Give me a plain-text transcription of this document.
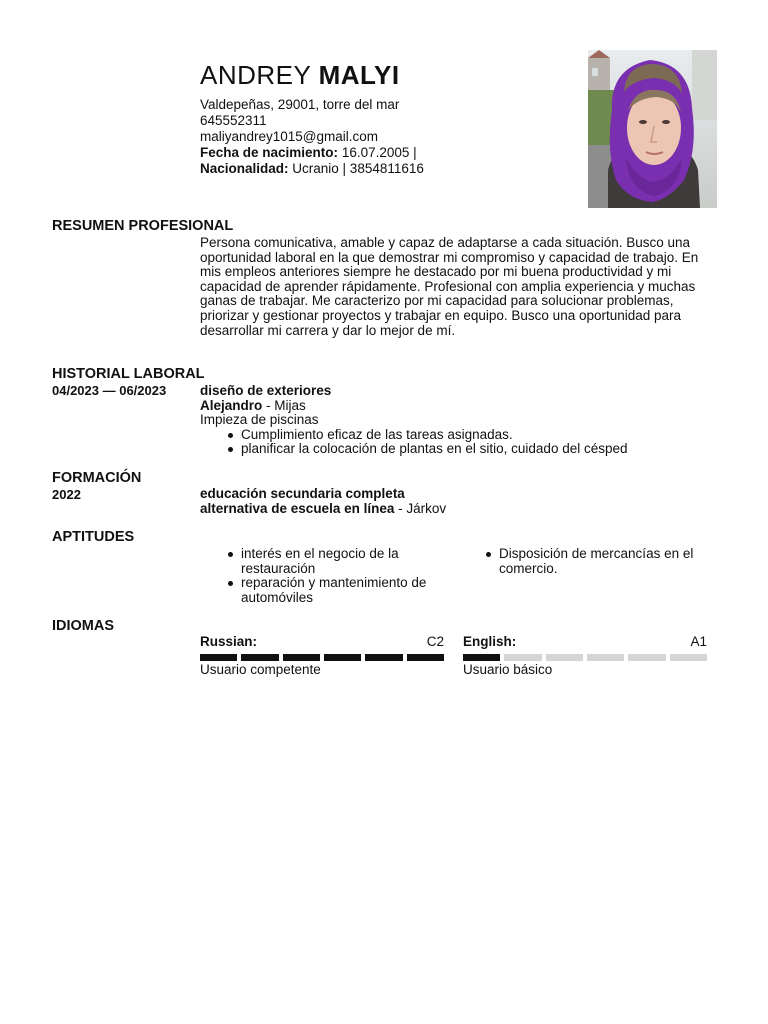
ANDREY MALYI
Valdepeñas, 29001, torre del mar
645552311
maliyandrey1015@gmail.com
Fecha de nacimiento: 16.07.2005 |
Nacionalidad: Ucranio | 3854811616
RESUMEN PROFESIONAL
Persona comunicativa, amable y capaz de adaptarse a cada situación. Busco una oportunidad laboral en la que demostrar mi compromiso y capacidad de trabajo. En mis empleos anteriores siempre he destacado por mi buena productividad y mi capacidad de aprender rápidamente. Profesional con amplia experiencia y muchas ganas de trabajar. Me caracterizo por mi capacidad para solucionar problemas, priorizar y gestionar proyectos y trabajar en equipo. Busco una oportunidad para desarrollar mi carrera y dar lo mejor de mí.
HISTORIAL LABORAL
04/2023 — 06/2023	diseño de exteriores
Alejandro - Mijas
Impieza de piscinas
Cumplimiento eficaz de las tareas asignadas.
planificar la colocación de plantas en el sitio, cuidado del césped
FORMACIÓN
2022	educación secundaria completa
alternativa de escuela en línea - Járkov
APTITUDES
interés en el negocio de la restauración
reparación y mantenimiento de automóviles
Disposición de mercancías en el comercio.
IDIOMAS
Russian:	C2
Usuario competente
English:	A1
Usuario básico
